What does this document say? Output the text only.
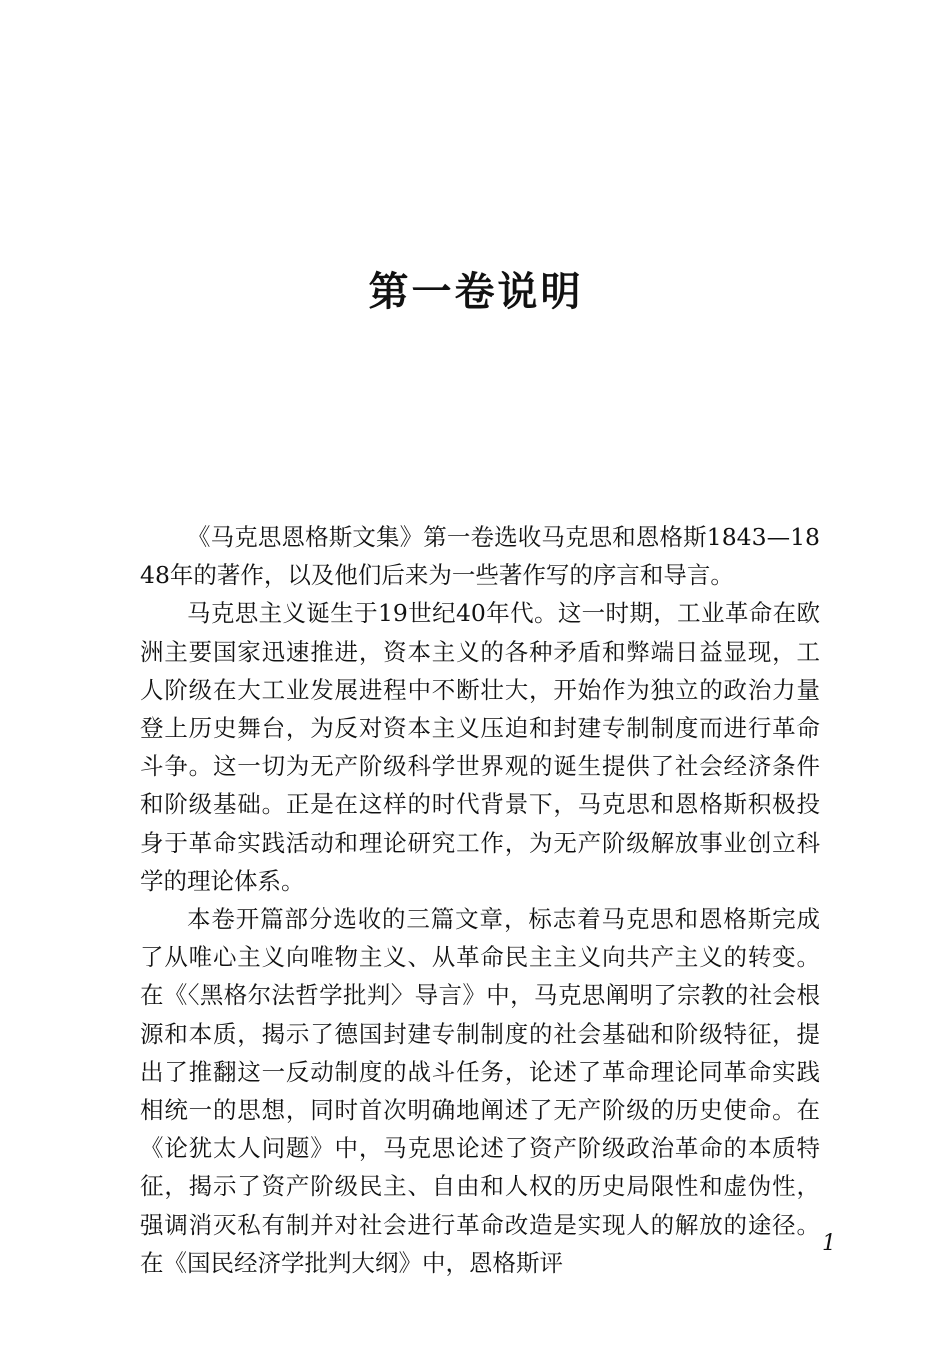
第一卷说明

《马克思恩格斯文集》第一卷选收马克思和恩格斯1843—1848年的著作，以及他们后来为一些著作写的序言和导言。

马克思主义诞生于19世纪40年代。这一时期，工业革命在欧洲主要国家迅速推进，资本主义的各种矛盾和弊端日益显现，工人阶级在大工业发展进程中不断壮大，开始作为独立的政治力量登上历史舞台，为反对资本主义压迫和封建专制制度而进行革命斗争。这一切为无产阶级科学世界观的诞生提供了社会经济条件和阶级基础。正是在这样的时代背景下，马克思和恩格斯积极投身于革命实践活动和理论研究工作，为无产阶级解放事业创立科学的理论体系。

本卷开篇部分选收的三篇文章，标志着马克思和恩格斯完成了从唯心主义向唯物主义、从革命民主主义向共产主义的转变。在《〈黑格尔法哲学批判〉导言》中，马克思阐明了宗教的社会根源和本质，揭示了德国封建专制制度的社会基础和阶级特征，提出了推翻这一反动制度的战斗任务，论述了革命理论同革命实践相统一的思想，同时首次明确地阐述了无产阶级的历史使命。在《论犹太人问题》中，马克思论述了资产阶级政治革命的本质特征，揭示了资产阶级民主、自由和人权的历史局限性和虚伪性，强调消灭私有制并对社会进行革命改造是实现人的解放的途径。在《国民经济学批判大纲》中，恩格斯评

1
